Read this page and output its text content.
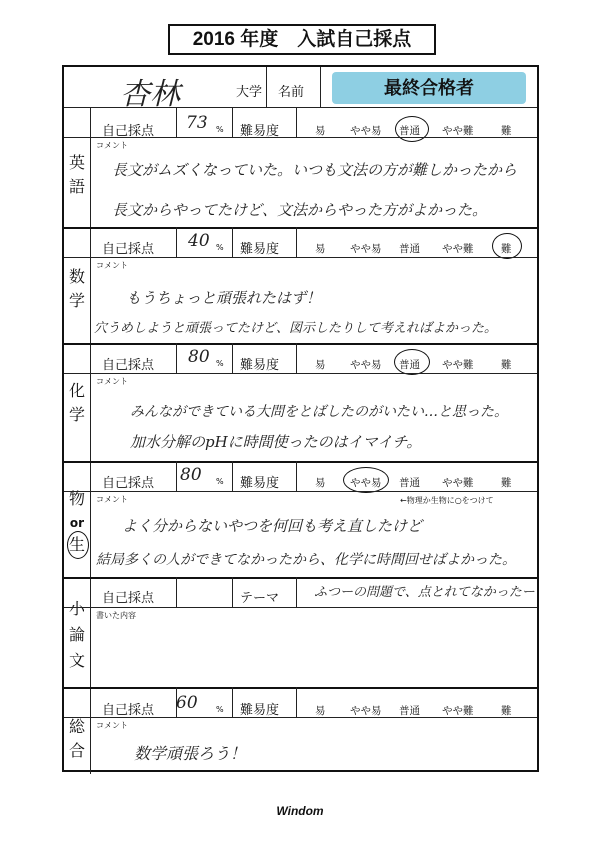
2016 年度　入試自己採点
杏林	大学 名前	最終合格者
英
語
自己採点 73 % 難易度	易 やや易 普通 やや難	難
コメント
長文がムズくなっていた。いつも文法の方が難しかったから
長文からやってたけど、文法からやった方がよかった。
数
学
自己採点 40 % 難易度	易 やや易 普通 やや難	難
コメント
もうちょっと頑張れたはず！
穴うめしようと頑張ってたけど、図示したりして考えればよかった。
化
学
自己採点 80 % 難易度	易 やや易 普通 やや難	難
コメント
みんなができている大問をとばしたのがいたい…と思った。
加水分解のpHに時間使ったのはイマイチ。
物
or
生
自己採点 80 % 難易度	易 やや易 普通 やや難	難
コメント	←物理か生物に○をつけて
よく分からないやつを何回も考え直したけど
結局多くの人ができてなかったから、化学に時間回せばよかった。
小
論
文
自己採点	テーマ	ふつーの問題で、点とれてなかったー
書いた内容
総
合
自己採点 60 % 難易度	易 やや易 普通 やや難	難
コメント
数学頑張ろう！
Windom
